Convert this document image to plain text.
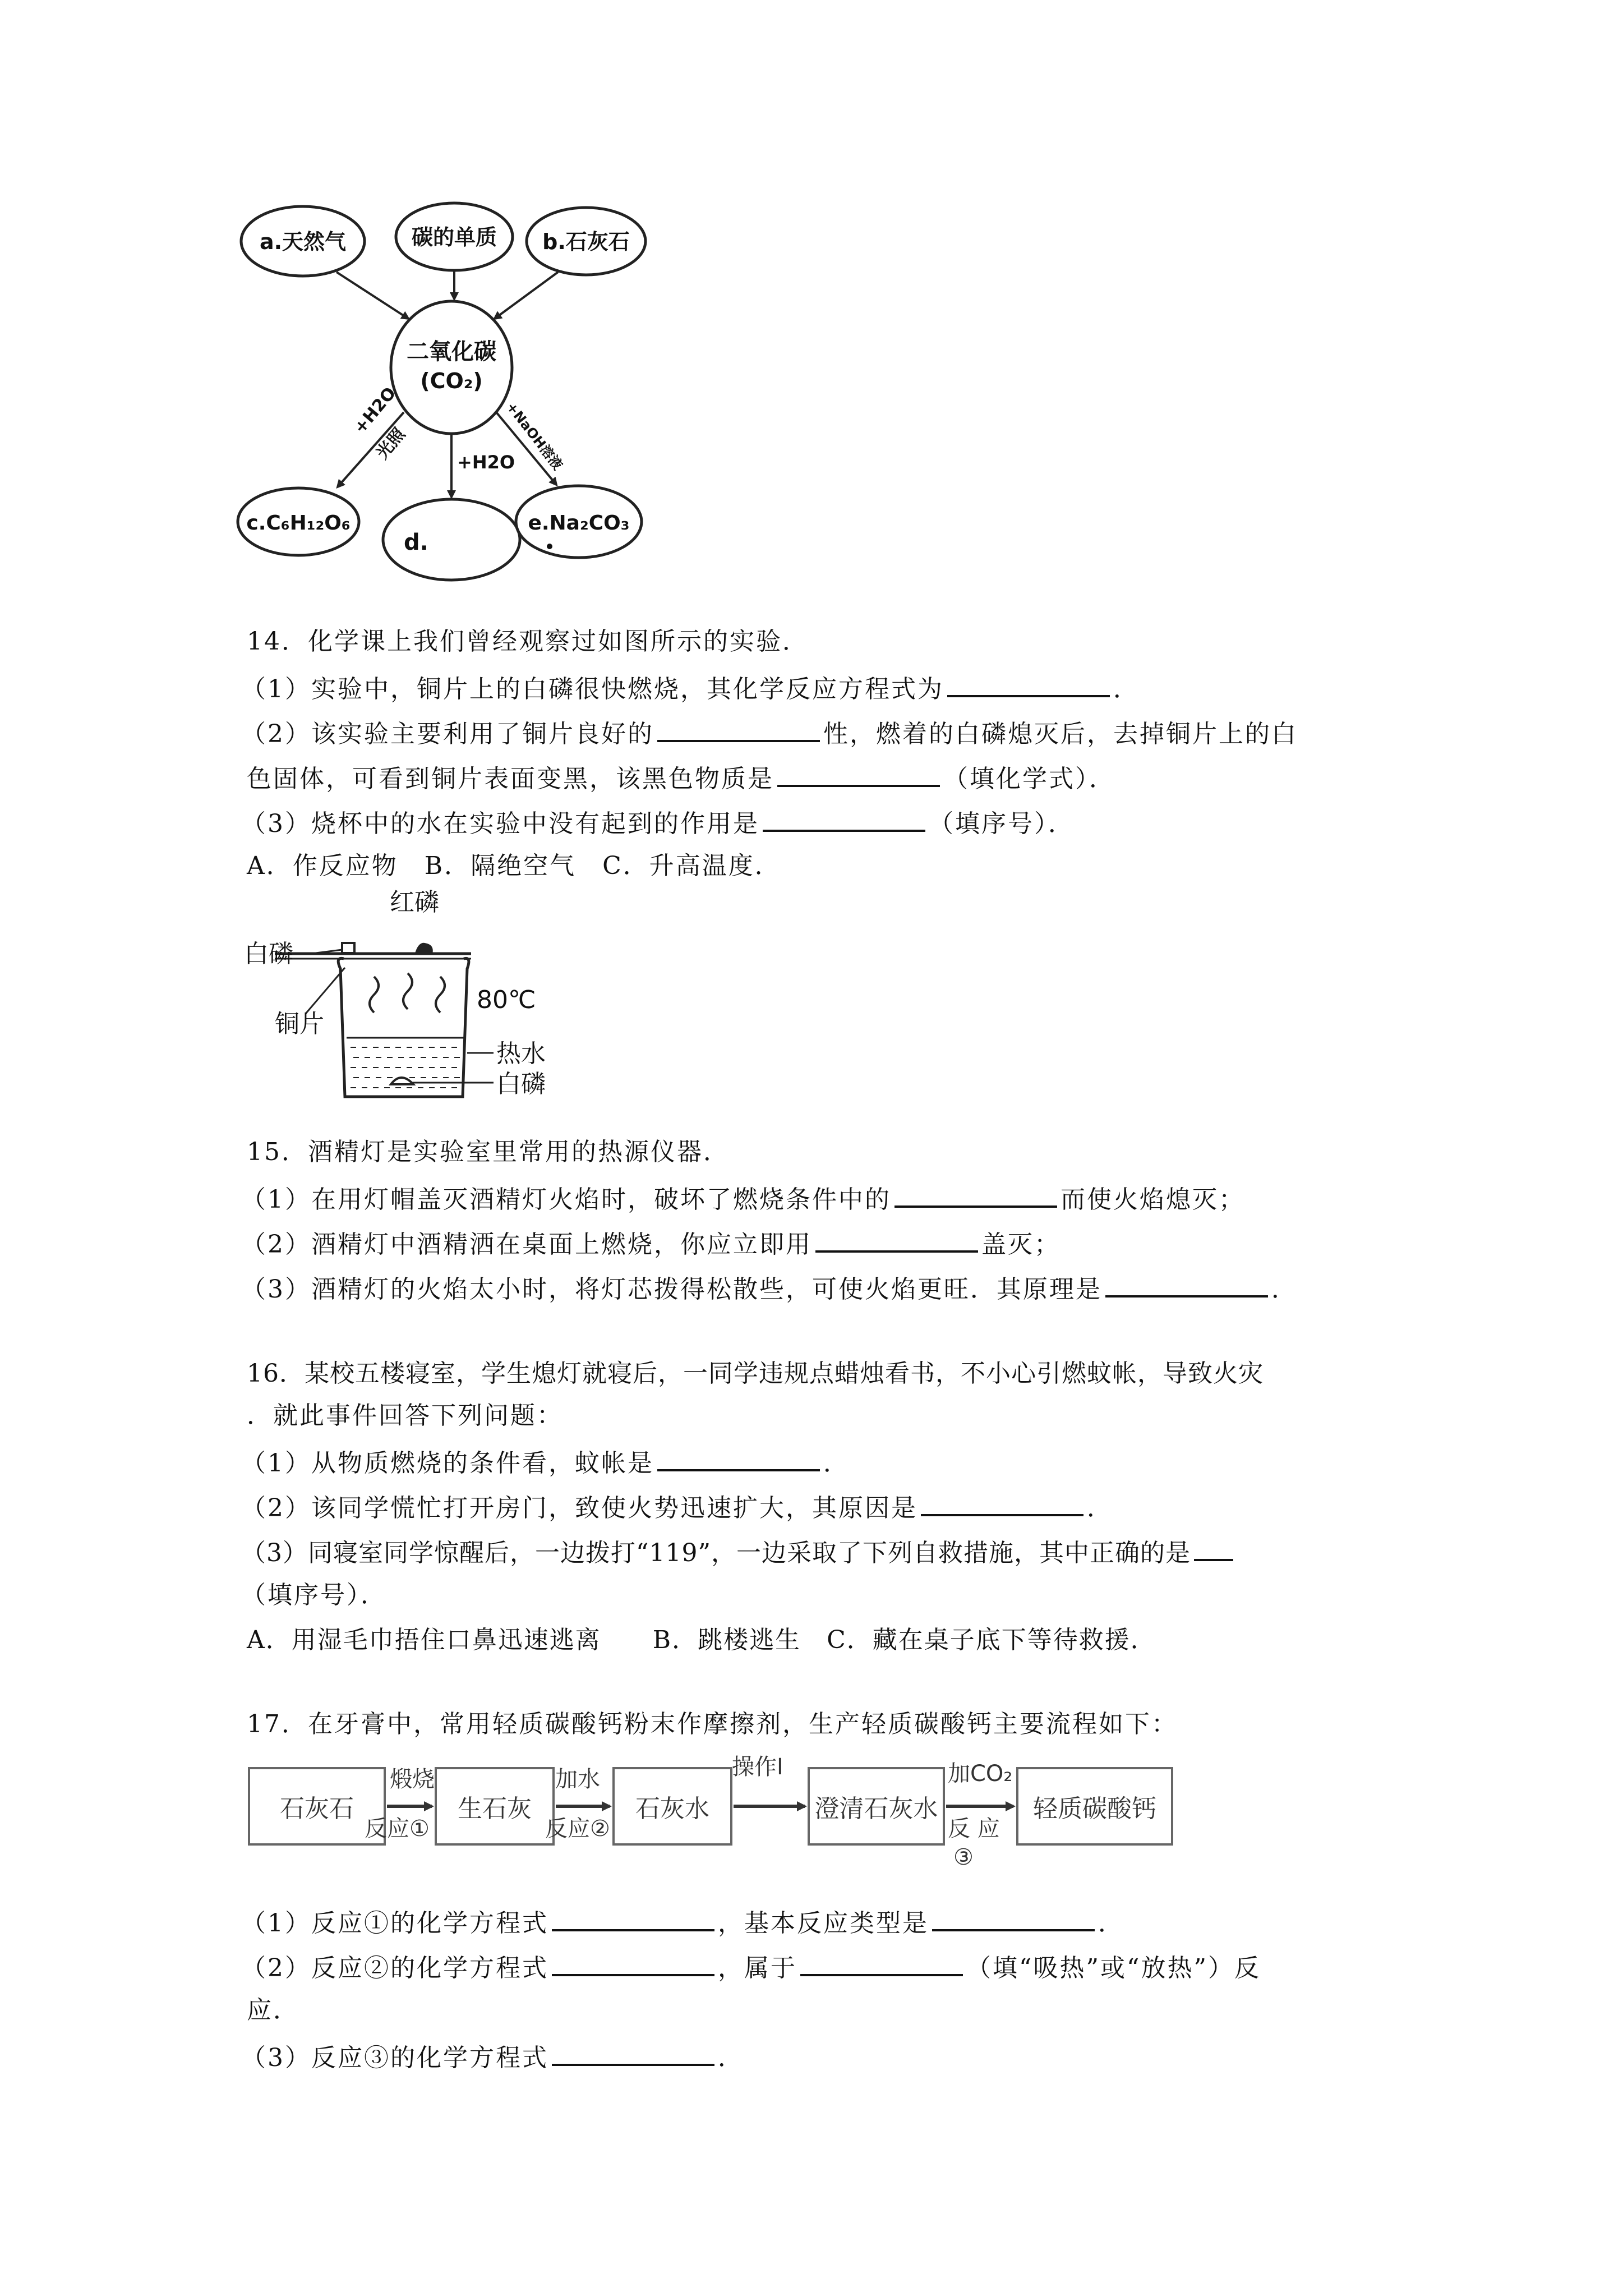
a.天然气	碳的单质 b.石灰石
二氧化碳
(CO₂)
c.C₆H₁₂O₆
d.
e.Na₂CO₃
+H2O
光照	+H2O
+NaOH溶液
14．化学课上我们曾经观察过如图所示的实验．
（1）实验中，铜片上的白磷很快燃烧，其化学反应方程式为	．
（2）该实验主要利用了铜片良好的	性，燃着的白磷熄灭后，去掉铜片上的白
色固体，可看到铜片表面变黑，该黑色物质是	（填化学式）．
（3）烧杯中的水在实验中没有起到的作用是	（填序号）．
A．作反应物　B．隔绝空气　C．升高温度．
红磷
白磷
铜片
80℃
热水
白磷
15．酒精灯是实验室里常用的热源仪器．
（1）在用灯帽盖灭酒精灯火焰时，破坏了燃烧条件中的	而使火焰熄灭；
（2）酒精灯中酒精洒在桌面上燃烧，你应立即用	盖灭；
（3）酒精灯的火焰太小时，将灯芯拨得松散些，可使火焰更旺．其原理是	．
16．某校五楼寝室，学生熄灯就寝后，一同学违规点蜡烛看书，不小心引燃蚊帐，导致火灾
．就此事件回答下列问题：
（1）从物质燃烧的条件看，蚊帐是	．
（2）该同学慌忙打开房门，致使火势迅速扩大，其原因是	．
（3）同寝室同学惊醒后，一边拨打“119”，一边采取了下列自救措施，其中正确的是
（填序号）．
A．用湿毛巾捂住口鼻迅速逃离　　B．跳楼逃生　C．藏在桌子底下等待救援．
17．在牙膏中，常用轻质碳酸钙粉末作摩擦剂，生产轻质碳酸钙主要流程如下：
石灰石	生石灰	石灰水	澄清石灰水	轻质碳酸钙
煅烧
反应①
加水
反应②
操作Ⅰ	加CO₂
反 应
③
（1）反应①的化学方程式	，基本反应类型是	．
（2）反应②的化学方程式	，属于	（填“吸热”或“放热”）反
应．
（3）反应③的化学方程式	．
